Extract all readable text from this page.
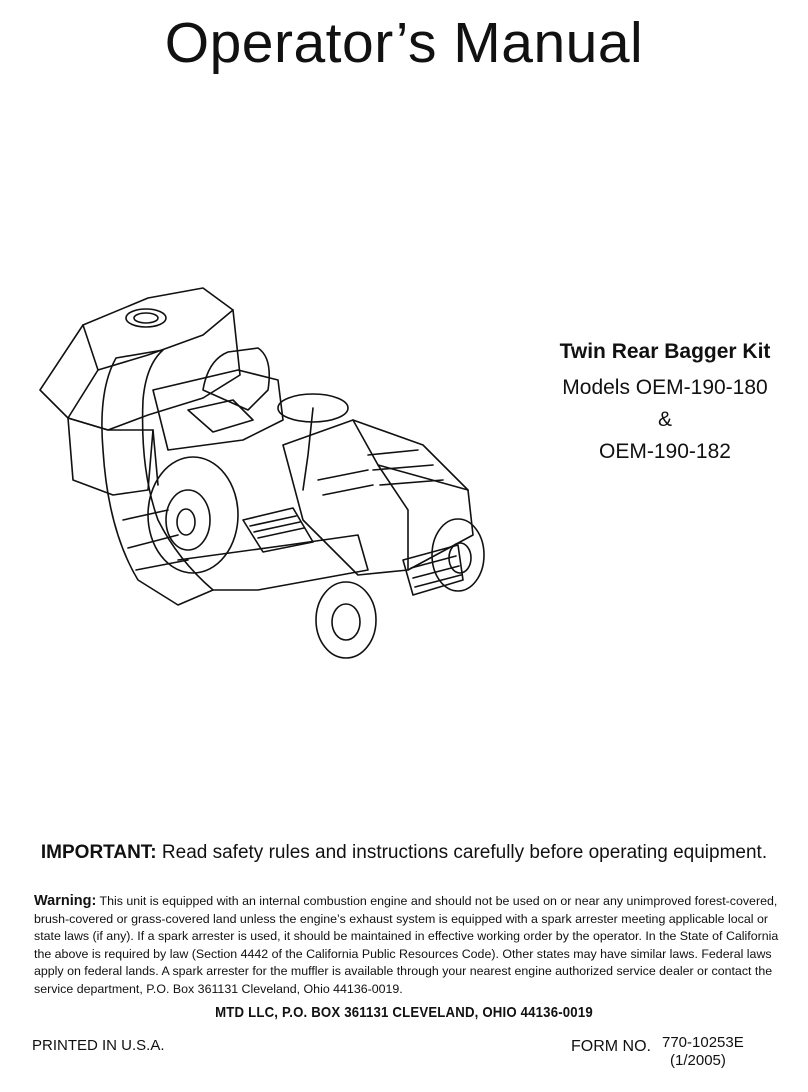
Operator’s Manual
Twin Rear Bagger Kit
Models OEM-190-180
&
OEM-190-182
IMPORTANT: Read safety rules and instructions carefully before operating equipment.
Warning: This unit is equipped with an internal combustion engine and should not be used on or near any unimproved forest-covered, brush-covered or grass-covered land unless the engine’s exhaust system is equipped with a spark arrester meeting applicable local or state laws (if any). If a spark arrester is used, it should be maintained in effective working order by the operator. In the State of California the above is required by law (Section 4442 of the California Public Resources Code). Other states may have similar laws. Federal laws apply on federal lands. A spark arrester for the muffler is available through your nearest engine authorized service dealer or contact the service department, P.O. Box 361131 Cleveland, Ohio 44136-0019.
MTD LLC, P.O. BOX 361131 CLEVELAND, OHIO 44136-0019
PRINTED IN U.S.A.	FORM NO. 770-10253E
(1/2005)
